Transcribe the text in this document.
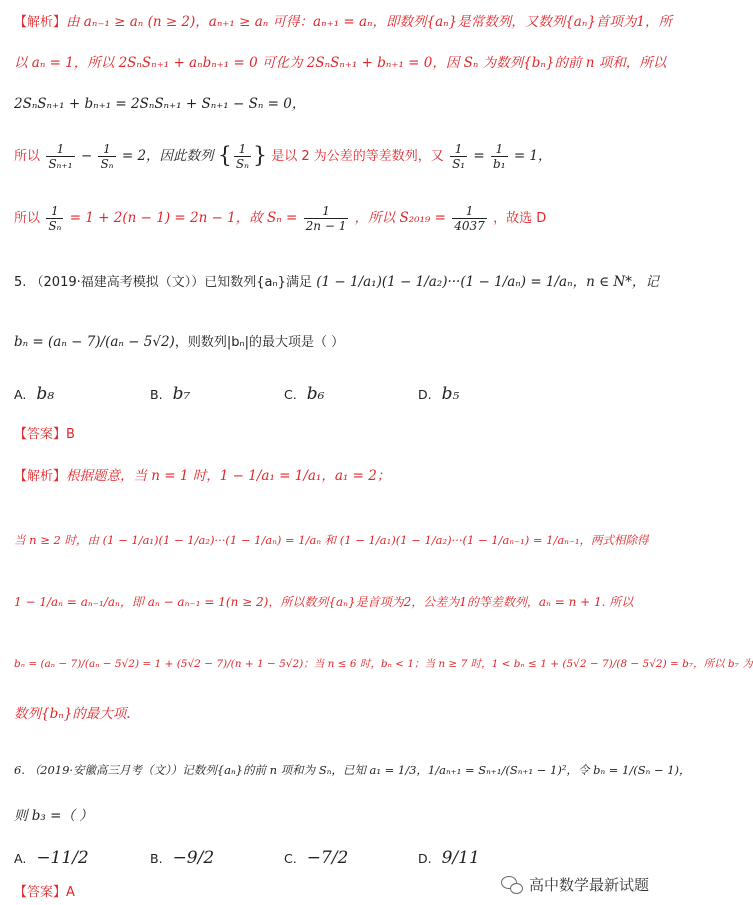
【解析】由 aₙ₋₁ ≥ aₙ (n ≥ 2)，aₙ₊₁ ≥ aₙ 可得：aₙ₊₁ = aₙ，即数列{aₙ}是常数列，又数列{aₙ}首项为1，所
以 aₙ = 1，所以 2SₙSₙ₊₁ + aₙbₙ₊₁ = 0 可化为 2SₙSₙ₊₁ + bₙ₊₁ = 0，因 Sₙ 为数列{bₙ}的前 n 项和，所以
2SₙSₙ₊₁ + bₙ₊₁ = 2SₙSₙ₊₁ + Sₙ₊₁ − Sₙ = 0，
所以 $\frac{1}{\text{Sₙ₊₁}} - \frac{1}{\text{Sₙ}} = 2$，因此数列 { $\frac{1}{\text{Sₙ}}$ } 是以 2 为公差的等差数列，又 $\frac{1}{\text{S₁}} = \frac{1}{\text{b₁}} = 1$，
所以 $\frac{1}{\text{Sₙ}} = 1 + 2(n - 1) = 2n - 1$，故 $S_n = \frac{1}{2n - 1}$ ，所以 $S_{2019} = \frac{1}{4037}$ ，故选 D
5. （2019·福建高考模拟（文））已知数列{aₙ}满足 (1 − 1/a₁)(1 − 1/a₂)···(1 − 1/aₙ) = 1/aₙ，n ∈ N*，记
bₙ = (aₙ − 7)/(aₙ − 5√2)，则数列|bₙ|的最大项是（ ）
A. b₈	B. b₇	C. b₆	D. b₅
【答案】B
【解析】根据题意，当 n = 1 时，1 − 1/a₁ = 1/a₁，a₁ = 2；
当 n ≥ 2 时，由 (1 − 1/a₁)(1 − 1/a₂)···(1 − 1/aₙ) = 1/aₙ 和 (1 − 1/a₁)(1 − 1/a₂)···(1 − 1/aₙ₋₁) = 1/aₙ₋₁，两式相除得
1 − 1/aₙ = aₙ₋₁/aₙ，即 aₙ − aₙ₋₁ = 1(n ≥ 2)，所以数列{aₙ}是首项为2，公差为1的等差数列，aₙ = n + 1. 所以
bₙ = (aₙ − 7)/(aₙ − 5√2) = 1 + (5√2 − 7)/(n + 1 − 5√2)；当 n ≤ 6 时，bₙ < 1；当 n ≥ 7 时，1 < bₙ ≤ 1 + (5√2 − 7)/(8 − 5√2) = b₇，所以 b₇ 为
数列{bₙ}的最大项.
6. （2019·安徽高三月考（文））记数列{aₙ}的前 n 项和为 Sₙ，已知 a₁ = 1/3，1/aₙ₊₁ = Sₙ₊₁/(Sₙ₊₁ − 1)²，令 bₙ = 1/(Sₙ − 1)，
则 b₃ =（ ）
A. −11/2	B. −9/2	C. −7/2	D. 9/11
【答案】A	高中数学最新试题
